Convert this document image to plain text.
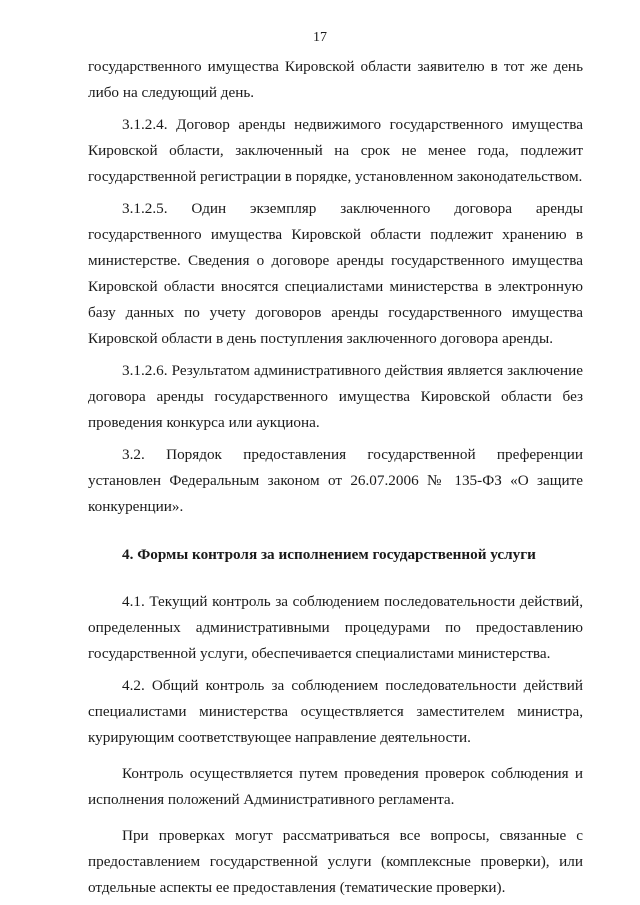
17

государственного имущества Кировской области заявителю в тот же день либо на следующий день.

3.1.2.4. Договор аренды недвижимого государственного имущества Кировской области, заключенный на срок не менее года, подлежит государственной регистрации в порядке, установленном законодательством.

3.1.2.5. Один экземпляр заключенного договора аренды государственного имущества Кировской области подлежит хранению в министерстве. Сведения о договоре аренды государственного имущества Кировской области вносятся специалистами министерства в электронную базу данных по учету договоров аренды государственного имущества Кировской области в день поступления заключенного договора аренды.

3.1.2.6. Результатом административного действия является заключение договора аренды государственного имущества Кировской области без проведения конкурса или аукциона.

3.2. Порядок предоставления государственной преференции установлен Федеральным законом от 26.07.2006 № 135-ФЗ «О защите конкуренции».

4. Формы контроля за исполнением государственной услуги

4.1. Текущий контроль за соблюдением последовательности действий, определенных административными процедурами по предоставлению государственной услуги, обеспечивается специалистами министерства.

4.2. Общий контроль за соблюдением последовательности действий специалистами министерства осуществляется заместителем министра, курирующим соответствующее направление деятельности.

Контроль осуществляется путем проведения проверок соблюдения и исполнения положений Административного регламента.

При проверках могут рассматриваться все вопросы, связанные с предоставлением государственной услуги (комплексные проверки), или отдельные аспекты ее предоставления (тематические проверки).
